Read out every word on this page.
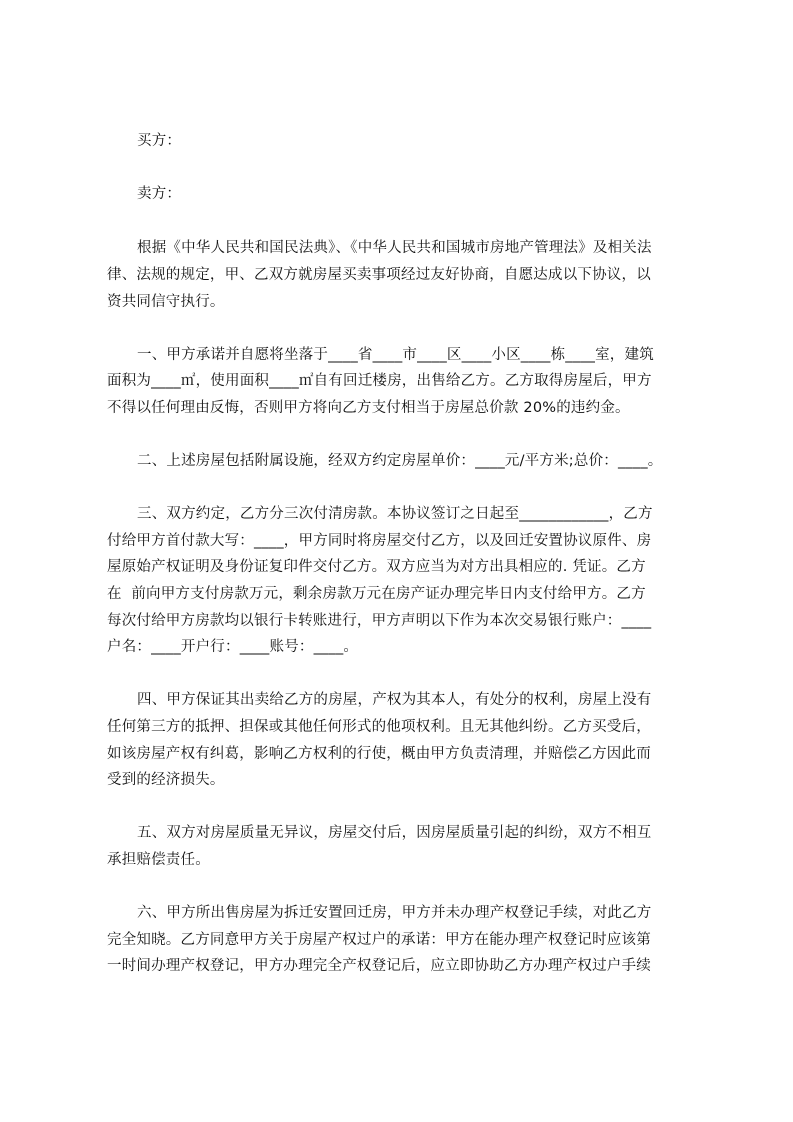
买方：
卖方：
根据《中华人民共和国民法典》、《中华人民共和国城市房地产管理法》及相关法
律、法规的规定，甲、乙双方就房屋买卖事项经过友好协商，自愿达成以下协议，以
资共同信守执行。
一、甲方承诺并自愿将坐落于____省____市____区____小区____栋____室，建筑
面积为____㎡，使用面积____㎡自有回迁楼房，出售给乙方。乙方取得房屋后，甲方
不得以任何理由反悔，否则甲方将向乙方支付相当于房屋总价款 20%的违约金。
二、上述房屋包括附属设施，经双方约定房屋单价：____元/平方米;总价：____。
三、双方约定，乙方分三次付清房款。本协议签订之日起至____________，乙方
付给甲方首付款大写：____，甲方同时将房屋交付乙方，以及回迁安置协议原件、房
屋原始产权证明及身份证复印件交付乙方。双方应当为对方出具相应的. 凭证。乙方
在  前向甲方支付房款万元，剩余房款万元在房产证办理完毕日内支付给甲方。乙方
每次付给甲方房款均以银行卡转账进行，甲方声明以下作为本次交易银行账户：____
户名：____开户行：____账号：____。
四、甲方保证其出卖给乙方的房屋，产权为其本人，有处分的权利，房屋上没有
任何第三方的抵押、担保或其他任何形式的他项权利。且无其他纠纷。乙方买受后，
如该房屋产权有纠葛，影响乙方权利的行使，概由甲方负责清理，并赔偿乙方因此而
受到的经济损失。
五、双方对房屋质量无异议，房屋交付后，因房屋质量引起的纠纷，双方不相互
承担赔偿责任。
六、甲方所出售房屋为拆迁安置回迁房，甲方并未办理产权登记手续，对此乙方
完全知晓。乙方同意甲方关于房屋产权过户的承诺：甲方在能办理产权登记时应该第
一时间办理产权登记，甲方办理完全产权登记后，应立即协助乙方办理产权过户手续
